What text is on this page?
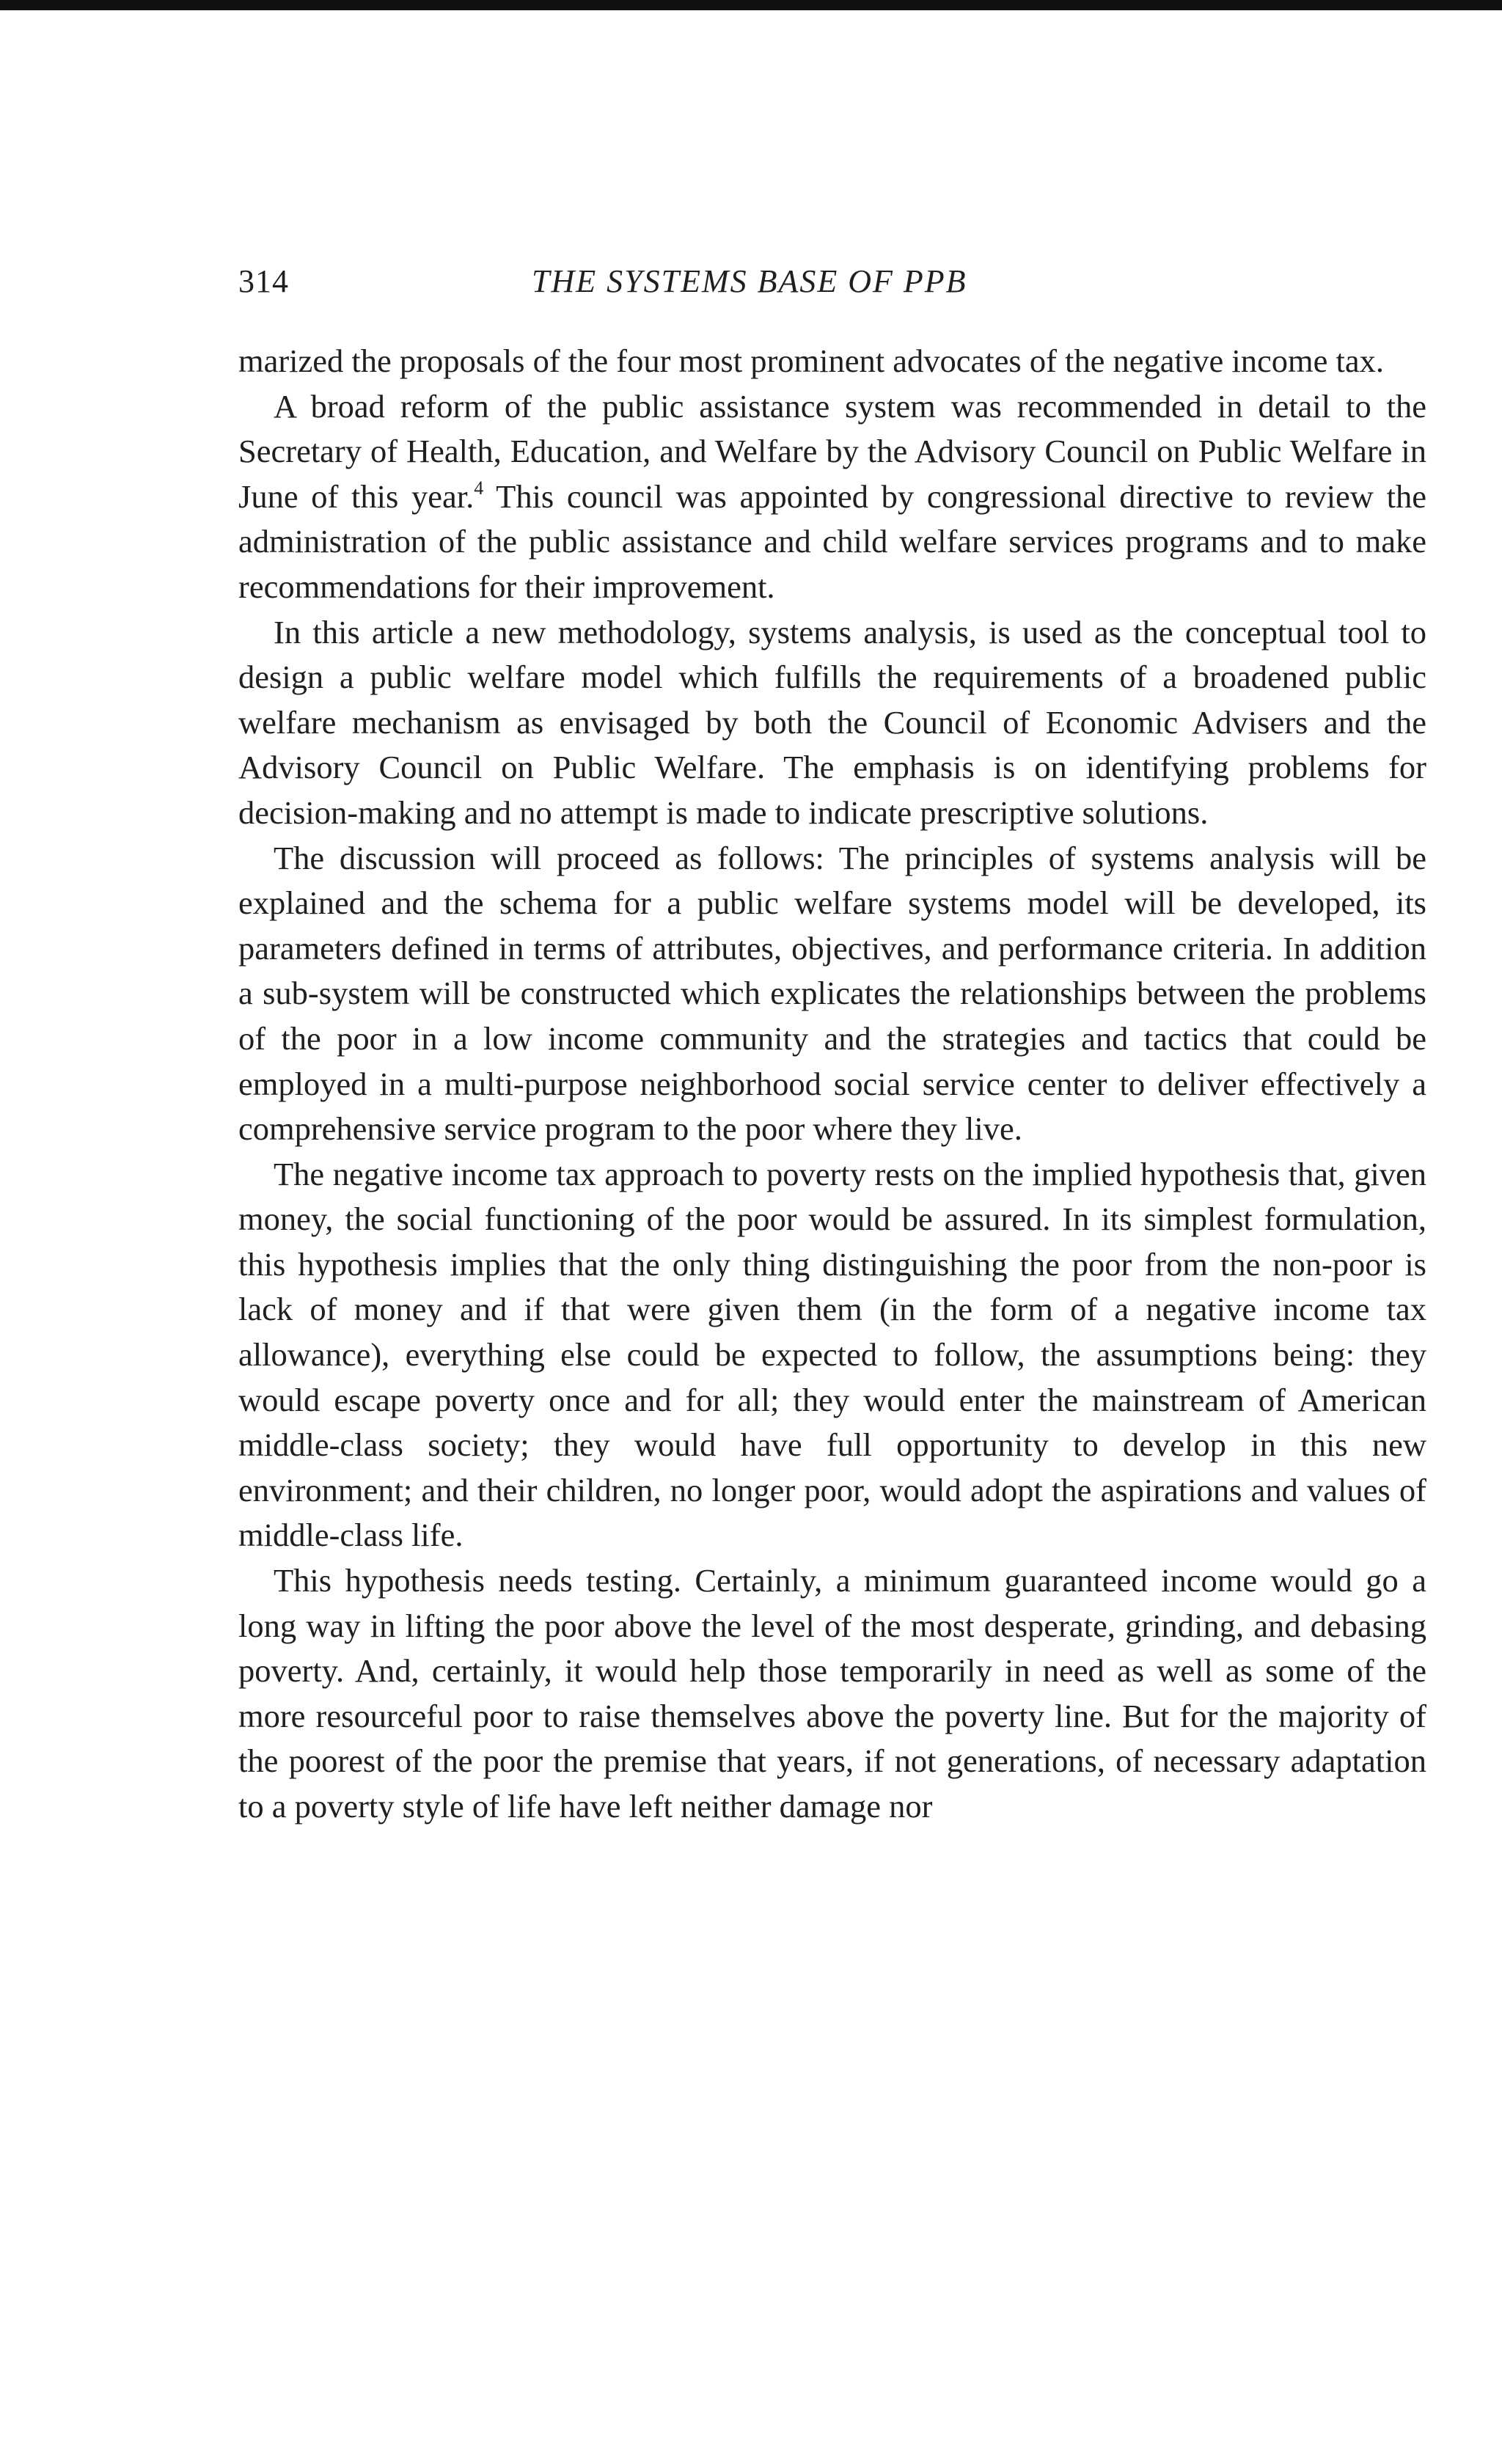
314	THE SYSTEMS BASE OF PPB

marized the proposals of the four most prominent advocates of the negative income tax.

A broad reform of the public assistance system was recommended in detail to the Secretary of Health, Education, and Welfare by the Advisory Council on Public Welfare in June of this year.$^4$ This council was appointed by congressional directive to review the administration of the public assistance and child welfare services programs and to make recommendations for their improvement.

In this article a new methodology, systems analysis, is used as the conceptual tool to design a public welfare model which fulfills the requirements of a broadened public welfare mechanism as envisaged by both the Council of Economic Advisers and the Advisory Council on Public Welfare. The emphasis is on identifying problems for decision-making and no attempt is made to indicate prescriptive solutions.

The discussion will proceed as follows: The principles of systems analysis will be explained and the schema for a public welfare systems model will be developed, its parameters defined in terms of attributes, objectives, and performance criteria. In addition a sub-system will be constructed which explicates the relationships between the problems of the poor in a low income community and the strategies and tactics that could be employed in a multi-purpose neighborhood social service center to deliver effectively a comprehensive service program to the poor where they live.

The negative income tax approach to poverty rests on the implied hypothesis that, given money, the social functioning of the poor would be assured. In its simplest formulation, this hypothesis implies that the only thing distinguishing the poor from the non-poor is lack of money and if that were given them (in the form of a negative income tax allowance), everything else could be expected to follow, the assumptions being: they would escape poverty once and for all; they would enter the mainstream of American middle-class society; they would have full opportunity to develop in this new environment; and their children, no longer poor, would adopt the aspirations and values of middle-class life.

This hypothesis needs testing. Certainly, a minimum guaranteed income would go a long way in lifting the poor above the level of the most desperate, grinding, and debasing poverty. And, certainly, it would help those temporarily in need as well as some of the more resourceful poor to raise themselves above the poverty line. But for the majority of the poorest of the poor the premise that years, if not generations, of necessary adaptation to a poverty style of life have left neither damage nor
